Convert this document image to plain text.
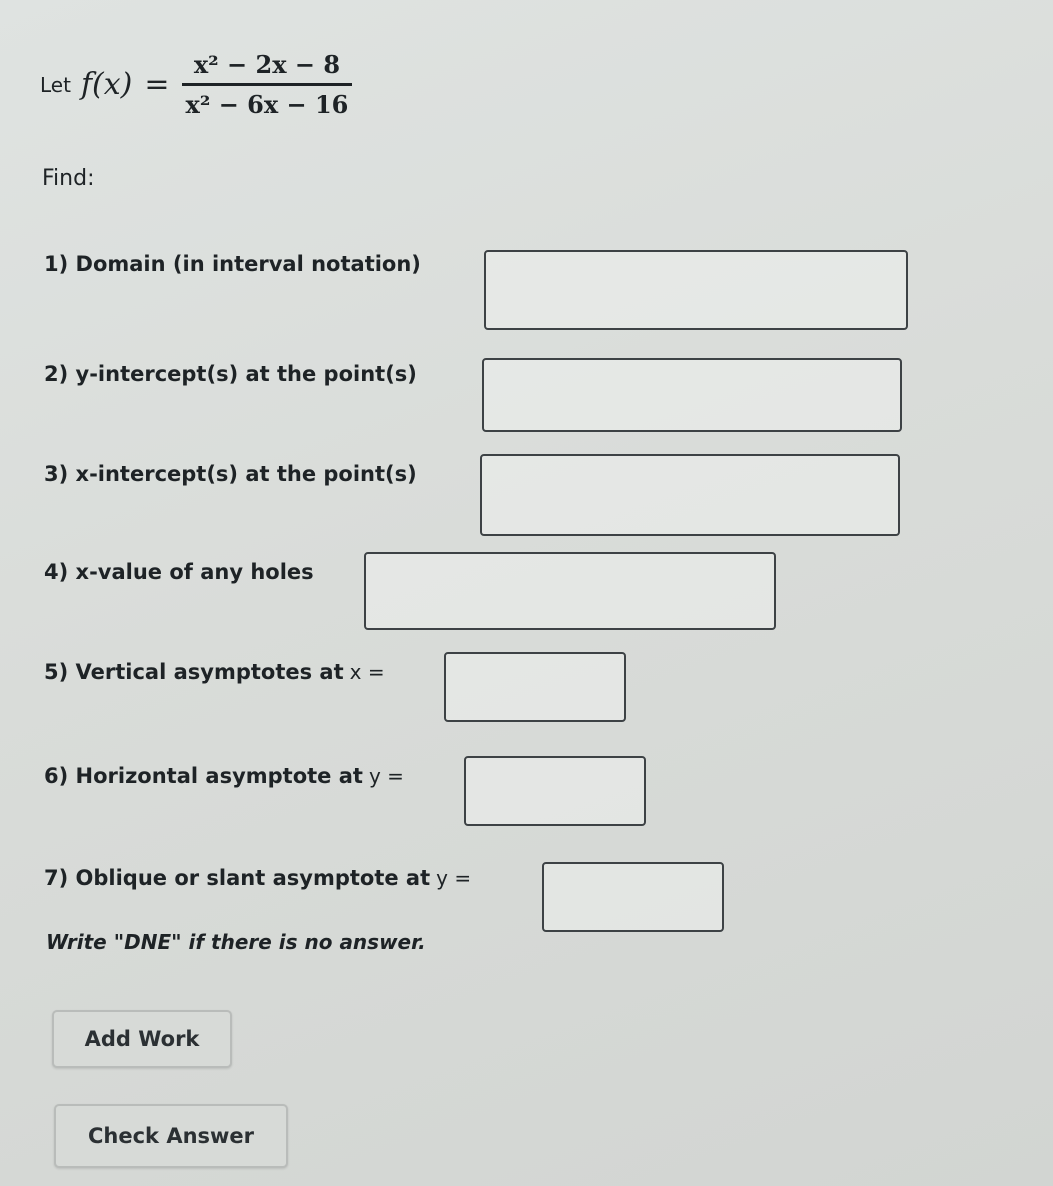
Let $f(x) = \frac{\text{x² − 2x − 8}}{\text{x² − 6x − 16}}$
Find:
1) Domain (in interval notation)
2) y-intercept(s) at the point(s)
3) x-intercept(s) at the point(s)
4) x-value of any holes
5) Vertical asymptotes at x =
6) Horizontal asymptote at y =
7) Oblique or slant asymptote at y =
Write "DNE" if there is no answer.
Add Work
Check Answer
